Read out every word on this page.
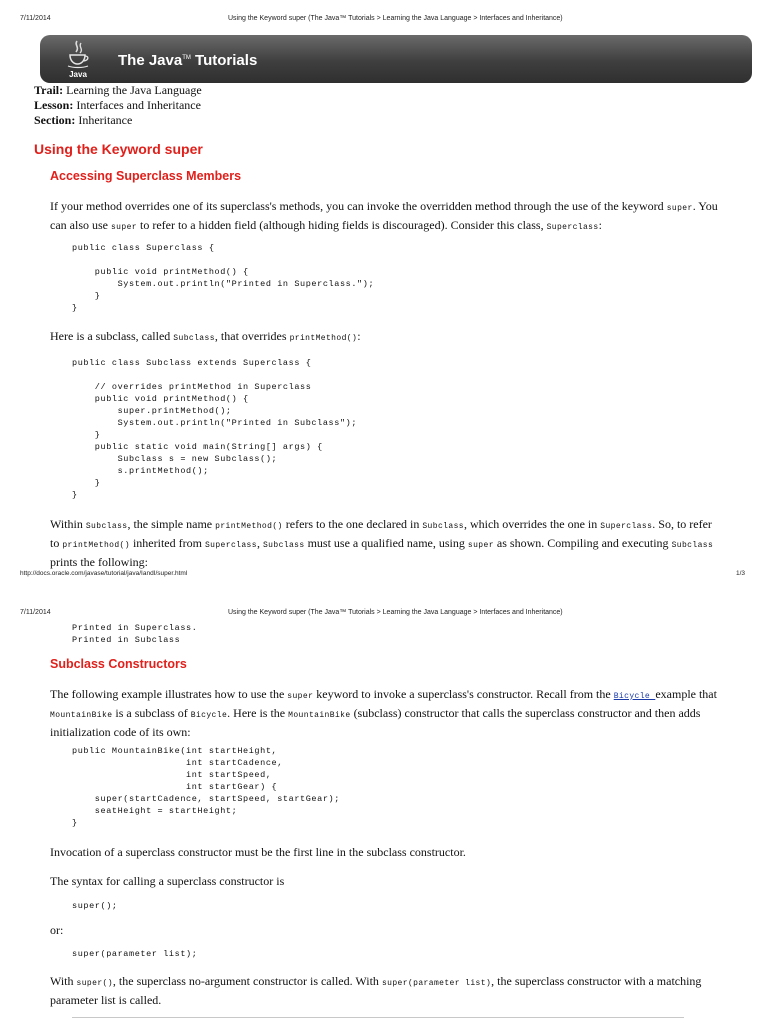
7/11/2014	Using the Keyword super (The Java™ Tutorials > Learning the Java Language > Interfaces and Inheritance)
Java
The Java™ Tutorials
Trail: Learning the Java Language
Lesson: Interfaces and Inheritance
Section: Inheritance
Using the Keyword super
Accessing Superclass Members
If your method overrides one of its superclass's methods, you can invoke the overridden method through the use of the keyword super. You can also use super to refer to a hidden field (although hiding fields is discouraged). Consider this class, Superclass:
public class Superclass {

public void printMethod() {
System.out.println("Printed in Superclass.");
}
}
Here is a subclass, called Subclass, that overrides printMethod():
public class Subclass extends Superclass {

// overrides printMethod in Superclass
public void printMethod() {
super.printMethod();
System.out.println("Printed in Subclass");
}
public static void main(String[] args) {
Subclass s = new Subclass();
s.printMethod();
}
}
Within Subclass, the simple name printMethod() refers to the one declared in Subclass, which overrides the one in Superclass. So, to refer to printMethod() inherited from Superclass, Subclass must use a qualified name, using super as shown. Compiling and executing Subclass prints the following:
http://docs.oracle.com/javase/tutorial/java/IandI/super.html	1/3
7/11/2014	Using the Keyword super (The Java™ Tutorials > Learning the Java Language > Interfaces and Inheritance)
Printed in Superclass.
Printed in Subclass
Subclass Constructors
The following example illustrates how to use the super keyword to invoke a superclass's constructor. Recall from the Bicycle example that MountainBike is a subclass of Bicycle. Here is the MountainBike (subclass) constructor that calls the superclass constructor and then adds initialization code of its own:
public MountainBike(int startHeight,
int startCadence,
int startSpeed,
int startGear) {
super(startCadence, startSpeed, startGear);
seatHeight = startHeight;
}
Invocation of a superclass constructor must be the first line in the subclass constructor.
The syntax for calling a superclass constructor is
super();
or:
super(parameter list);
With super(), the superclass no-argument constructor is called. With super(parameter list), the superclass constructor with a matching parameter list is called.
